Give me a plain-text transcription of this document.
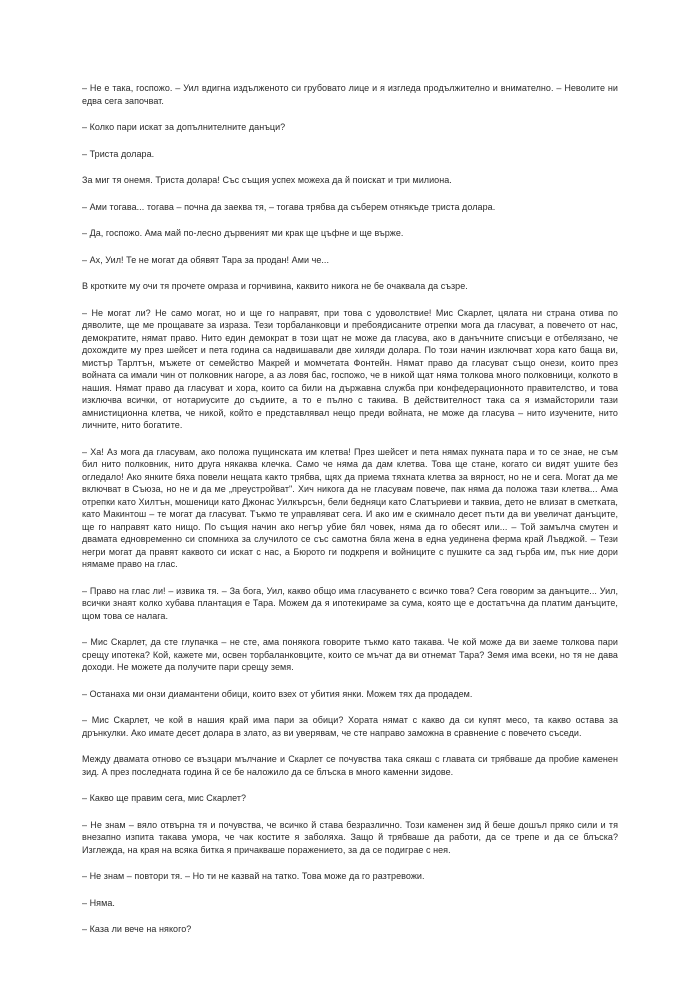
– Не е така, госпожо. – Уил вдигна издълженото си грубовато лице и я изгледа продължително и внимателно. – Неволите ни едва сега започват.

– Колко пари искат за допълнителните данъци?

– Триста долара.

За миг тя онемя. Триста долара! Със същия успех можеха да й поискат и три милиона.

– Ами тогава... тогава – почна да заеква тя, – тогава трябва да съберем отнякъде триста долара.

– Да, госпожо. Ама май по-лесно дървеният ми крак ще цъфне и ще върже.

– Ах, Уил! Те не могат да обявят Тара за продан! Ами че...

В кротките му очи тя прочете омраза и горчивина, каквито никога не бе очаквала да съзре.

– Не могат ли? Не само могат, но и ще го направят, при това с удоволствие! Мис Скарлет, цялата ни страна отива по дяволите, ще ме прощавате за израза. Тези торбаланковци и пребоядисаните отрепки мога да гласуват, а повечето от нас, демократите, нямат право. Нито един демократ в този щат не може да гласува, ако в данъчните списъци е отбелязано, че дохождите му през шейсет и пета година са надвишавали две хиляди долара. По този начин изключват хора като баща ви, мистър Тарлтън, мъжете от семейство Макрей и момчетата Фонтейн. Нямат право да гласуват също онези, които през войната са имали чин от полковник нагоре, а аз ловя бас, госпожо, че в никой щат няма толкова много полковници, колкото в нашия. Нямат право да гласуват и хора, които са били на държавна служба при конфедерационното правителство, и това изключва всички, от нотариусите до съдиите, а то е пълно с такива. В действителност така са я измайсторили тази амнистиционна клетва, че никой, който е представлявал нещо преди войната, не може да гласува – нито изучените, нито личните, нито богатите.

– Ха! Аз мога да гласувам, ако положа пущинската им клетва! През шейсет и пета нямах пукната пара и то се знае, не съм бил нито полковник, нито друга някаква клечка. Само че няма да дам клетва. Това ще стане, когато си видят ушите без огледало! Ако янките бяха повели нещата както трябва, щях да приема тяхната клетва за вярност, но не и сега. Могат да ме включват в Съюза, но не и да ме „преустройват". Хич никога да не гласувам повече, пак няма да положа тази клетва... Ама отрепки като Хилтън, мошеници като Джонас Уилкърсън, бели бедняци като Слатъриеви и таквиа, дето не влизат в сметката, като Макинтош – те могат да гласуват. Тъкмо те управляват сега. И ако им е скимнало десет пъти да ви увеличат данъците, ще го направят като нищо. По същия начин ако негър убие бял човек, няма да го обесят или... – Той замълча смутен и двамата едновременно си спомниха за случилото се със самотна бяла жена в една уединена ферма край Лъвджой. – Тези негри могат да правят каквото си искат с нас, а Бюрото ги подкрепя и войниците с пушките са зад гърба им, пък ние дори нямаме право на глас.

– Право на глас ли! – извика тя. – За бога, Уил, какво общо има гласуването с всичко това? Сега говорим за данъците... Уил, всички знаят колко хубава плантация е Тара. Можем да я ипотекираме за сума, която ще е достатъчна да платим данъците, щом това се налага.

– Мис Скарлет, да сте глупачка – не сте, ама понякога говорите тъкмо като такава. Че кой може да ви заеме толкова пари срещу ипотека? Кой, кажете ми, освен торбаланковците, които се мъчат да ви отнемат Тара? Земя има всеки, но тя не дава доходи. Не можете да получите пари срещу земя.

– Останаха ми онзи диамантени обици, които взех от убития янки. Можем тях да продадем.

– Мис Скарлет, че кой в нашия край има пари за обици? Хората нямат с какво да си купят месо, та какво остава за дрънкулки. Ако имате десет долара в злато, аз ви уверявам, че сте направо заможна в сравнение с повечето съседи.

Между двамата отново се възцари мълчание и Скарлет се почувства така сякаш с главата си трябваше да пробие каменен зид. А през последната година й се бе наложило да се блъска в много каменни зидове.

– Какво ще правим сега, мис Скарлет?

– Не знам – вяло отвърна тя и почувства, че всичко й става безразлично. Този каменен зид й беше дошъл пряко сили и тя внезапно изпита такава умора, че чак костите я заболяха. Защо й трябваше да работи, да се трепе и да се блъска? Изглежда, на края на всяка битка я причакваше поражението, за да се подиграе с нея.

– Не знам – повтори тя. – Но ти не казвай на татко. Това може да го разтревожи.

– Няма.

– Каза ли вече на някого?
